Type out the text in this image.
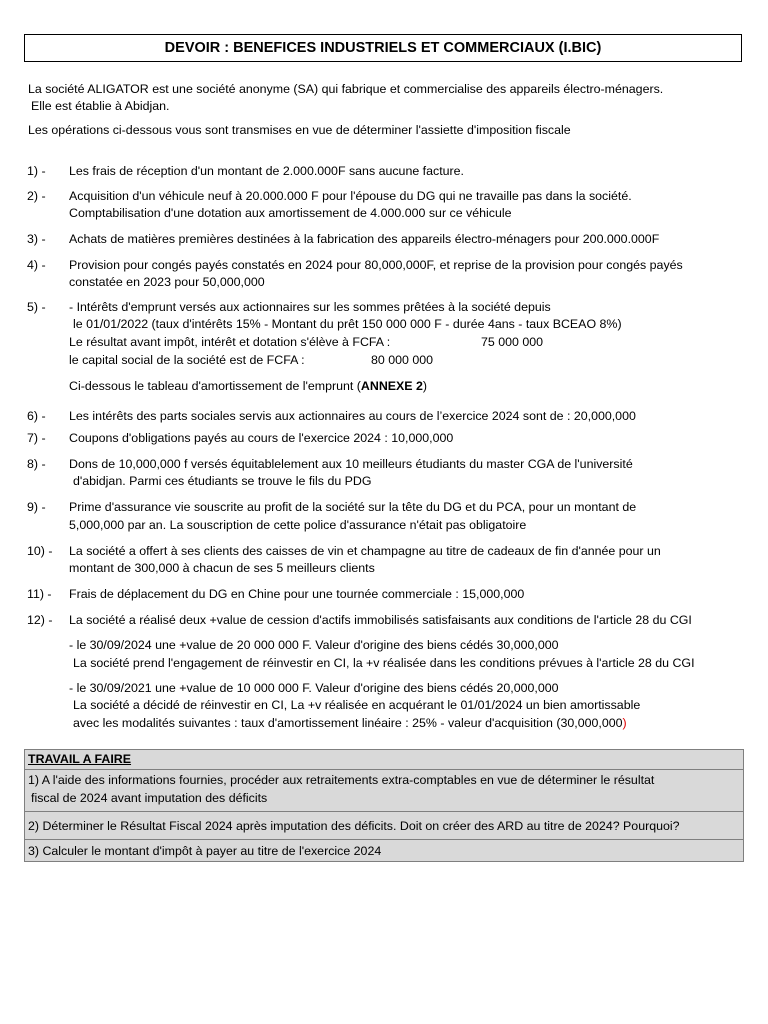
DEVOIR : BENEFICES INDUSTRIELS ET COMMERCIAUX (I.BIC)
La société ALIGATOR est une société anonyme (SA) qui fabrique et commercialise des appareils électro-ménagers.
Elle est établie à Abidjan.
Les opérations ci-dessous vous sont transmises en vue de déterminer l'assiette d'imposition fiscale
1) - Les frais de réception d'un montant de 2.000.000F sans aucune facture.
2) - Acquisition d'un véhicule neuf à 20.000.000 F pour l'épouse du DG qui ne travaille pas dans la société.
Comptabilisation d'une dotation aux amortissement de 4.000.000 sur ce véhicule
3) - Achats de matières premières destinées à la fabrication des appareils électro-ménagers pour 200.000.000F
4) - Provision pour congés payés constatés en 2024 pour 80,000,000F, et reprise de la provision pour congés payés
constatée en 2023 pour 50,000,000
5) - - Intérêts d'emprunt versés aux actionnaires sur les sommes prêtées à la société depuis
le 01/01/2022 (taux d'intérêts 15% - Montant du prêt 150 000 000 F - durée 4ans - taux BCEAO 8%)
Le résultat avant impôt, intérêt et dotation s'élève à FCFA :	75 000 000
le capital social de la société est de FCFA :	80 000 000
Ci-dessous le tableau d'amortissement de l'emprunt (ANNEXE 2)
6) - Les intérêts des parts sociales servis aux actionnaires au cours de l’exercice 2024 sont de : 20,000,000
7) - Coupons d'obligations payés au cours de l'exercice 2024 : 10,000,000
8) - Dons de 10,000,000 f versés équitablelement aux 10 meilleurs étudiants du master CGA de l'université
d'abidjan. Parmi ces étudiants se trouve le fils du PDG
9) - Prime d'assurance vie souscrite au profit de la société sur la tête du DG et du PCA, pour un montant de
5,000,000 par an. La souscription de cette police d'assurance n'était pas obligatoire
10) - La société a offert à ses clients des caisses de vin et champagne au titre de cadeaux de fin d'année pour un
montant de 300,000 à chacun de ses 5 meilleurs clients
11) - Frais de déplacement du DG en Chine pour une tournée commerciale : 15,000,000
12) - La société a réalisé deux +value de cession d'actifs immobilisés satisfaisants aux conditions de l'article 28 du CGI
- le 30/09/2024 une +value de 20 000 000 F. Valeur d'origine des biens cédés 30,000,000
La société prend l'engagement de réinvestir en CI, la +v réalisée dans les conditions prévues à l'article 28 du CGI
- le 30/09/2021 une +value de 10 000 000 F. Valeur d'origine des biens cédés 20,000,000
La société a décidé de réinvestir en CI, La +v réalisée en acquérant le 01/01/2024 un bien amortissable
avec les modalités suivantes : taux d'amortissement linéaire : 25% - valeur d'acquisition (30,000,000)
TRAVAIL A FAIRE
1) A l'aide des informations fournies, procéder aux retraitements extra-comptables en vue de déterminer le résultat
fiscal de 2024 avant imputation des déficits
2) Déterminer le Résultat Fiscal 2024 après imputation des déficits. Doit on créer des ARD au titre de 2024? Pourquoi?
3) Calculer le montant d'impôt à payer au titre de l'exercice 2024
